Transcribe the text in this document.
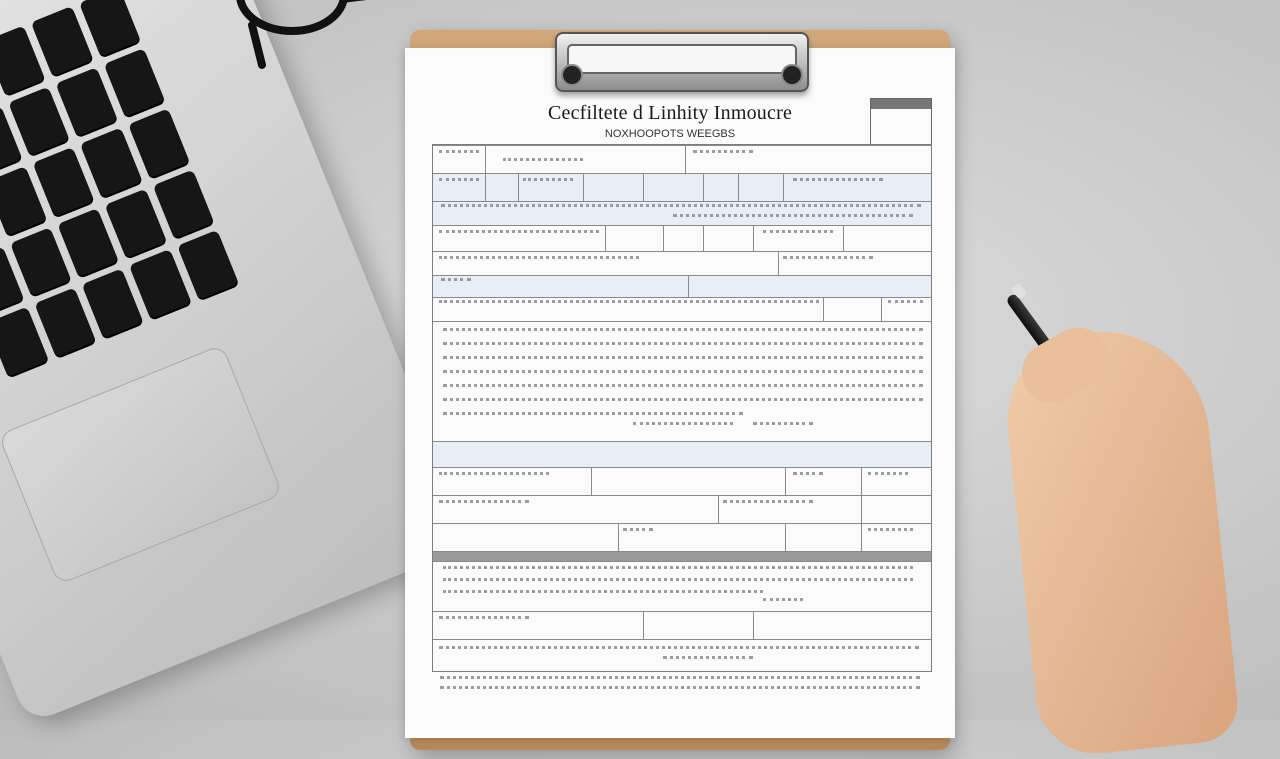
Cecfiltete d Linhity Inmoucre
NOXHOOPOTS WEEGBS
